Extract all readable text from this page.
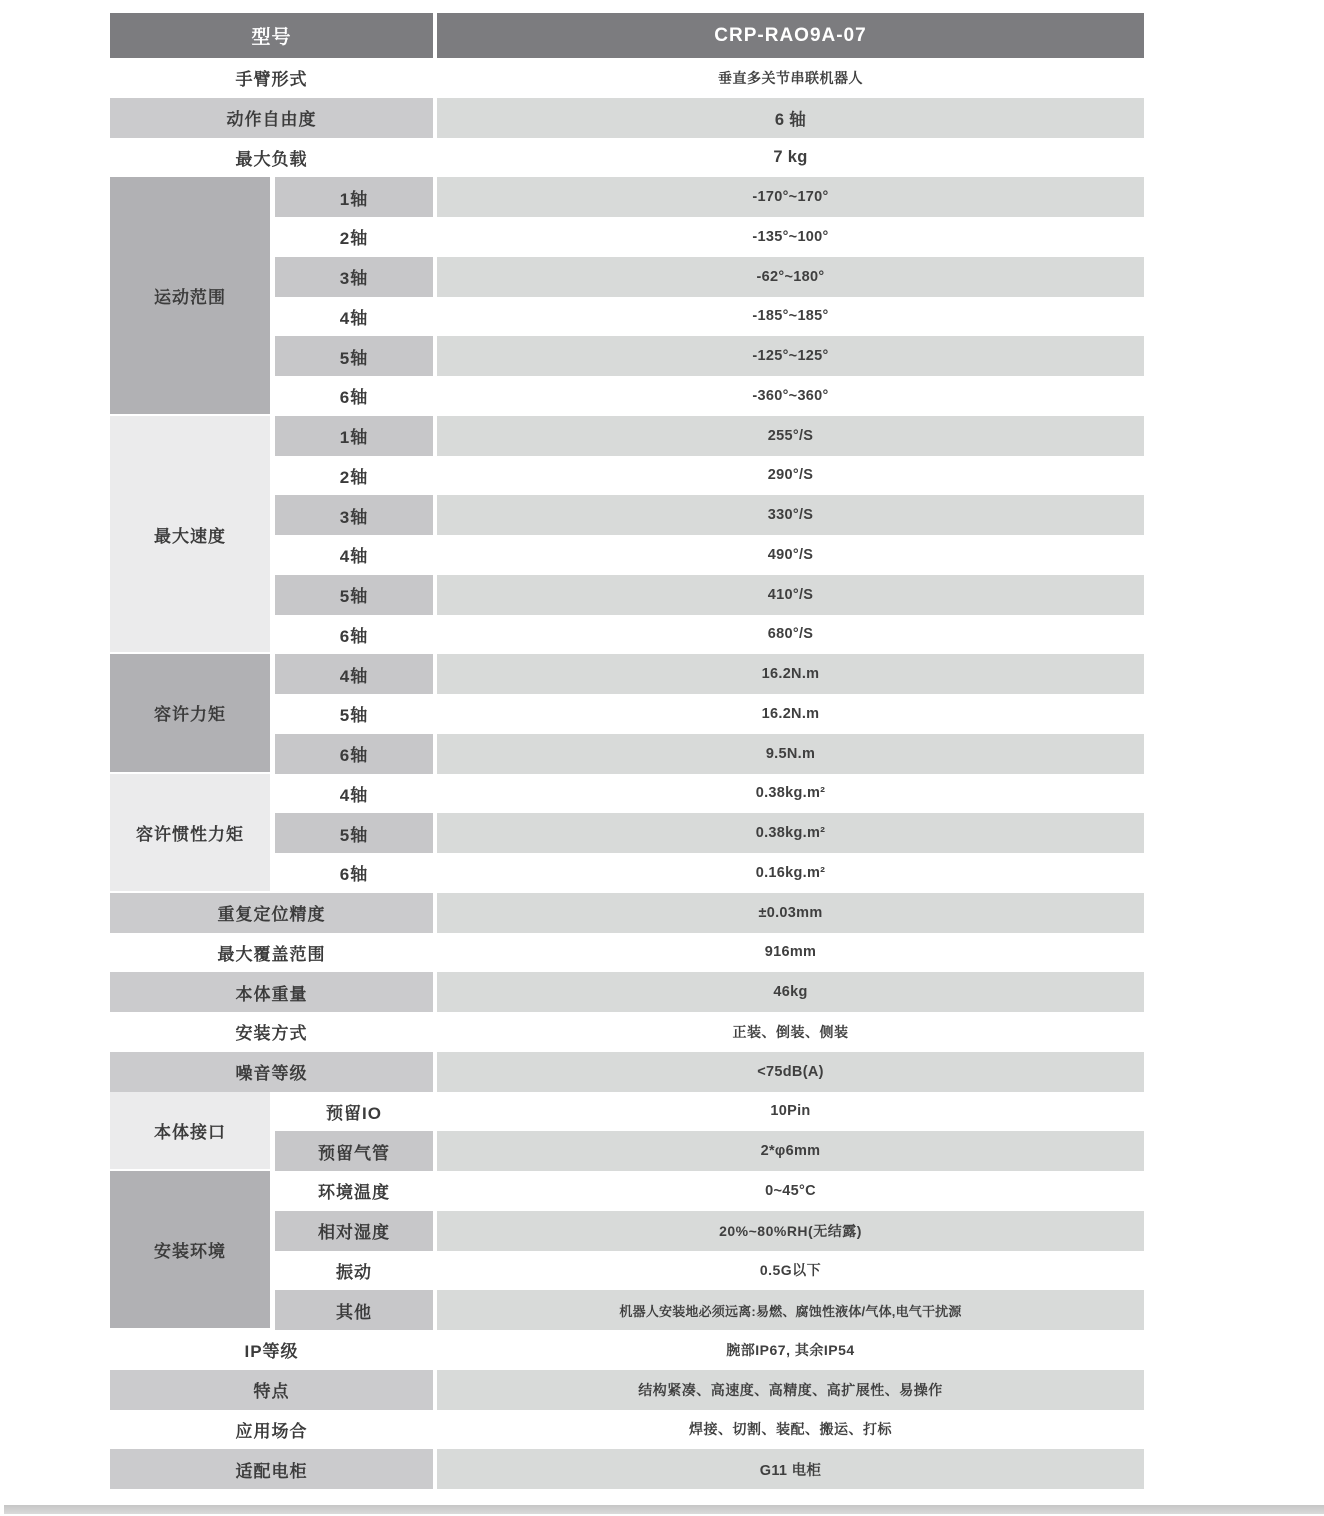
型号	CRP-RAO9A-07
手臂形式	垂直多关节串联机器人
动作自由度	6 轴
最大负载	7 kg
运动范围
1轴	-170°~170°
2轴	-135°~100°
3轴	-62°~180°
4轴	-185°~185°
5轴	-125°~125°
6轴	-360°~360°
最大速度
1轴	255°/S
2轴	290°/S
3轴	330°/S
4轴	490°/S
5轴	410°/S
6轴	680°/S
容许力矩
4轴	16.2N.m
5轴	16.2N.m
6轴	9.5N.m
容许惯性力矩
4轴	0.38kg.m²
5轴	0.38kg.m²
6轴	0.16kg.m²
重复定位精度	±0.03mm
最大覆盖范围	916mm
本体重量	46kg
安装方式	正装、倒装、侧装
噪音等级	<75dB(A)
本体接口
预留IO	10Pin
预留气管	2*φ6mm
安装环境
环境温度	0~45°C
相对湿度	20%~80%RH(无结露)
振动	0.5G以下
其他	机器人安装地必须远离:易燃、腐蚀性液体/气体,电气干扰源
IP等级	腕部IP67, 其余IP54
特点	结构紧凑、高速度、高精度、高扩展性、易操作
应用场合	焊接、切割、装配、搬运、打标
适配电柜	G11 电柜
